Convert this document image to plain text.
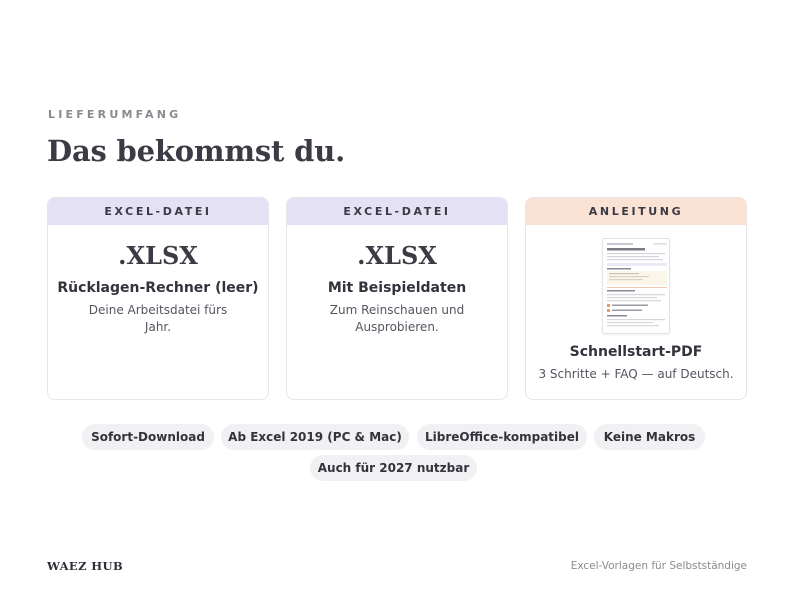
LIEFERUMFANG
Das bekommst du.
EXCEL-DATEI
.XLSX
Rücklagen-Rechner (leer)
Deine Arbeitsdatei fürs Jahr.
EXCEL-DATEI
.XLSX
Mit Beispieldaten
Zum Reinschauen und Ausprobieren.
ANLEITUNG
Schnellstart-PDF
3 Schritte + FAQ — auf Deutsch.
Sofort-Download	Ab Excel 2019 (PC & Mac)	LibreOffice-kompatibel	Keine Makros
Auch für 2027 nutzbar
WAEZ HUB	Excel-Vorlagen für Selbstständige
